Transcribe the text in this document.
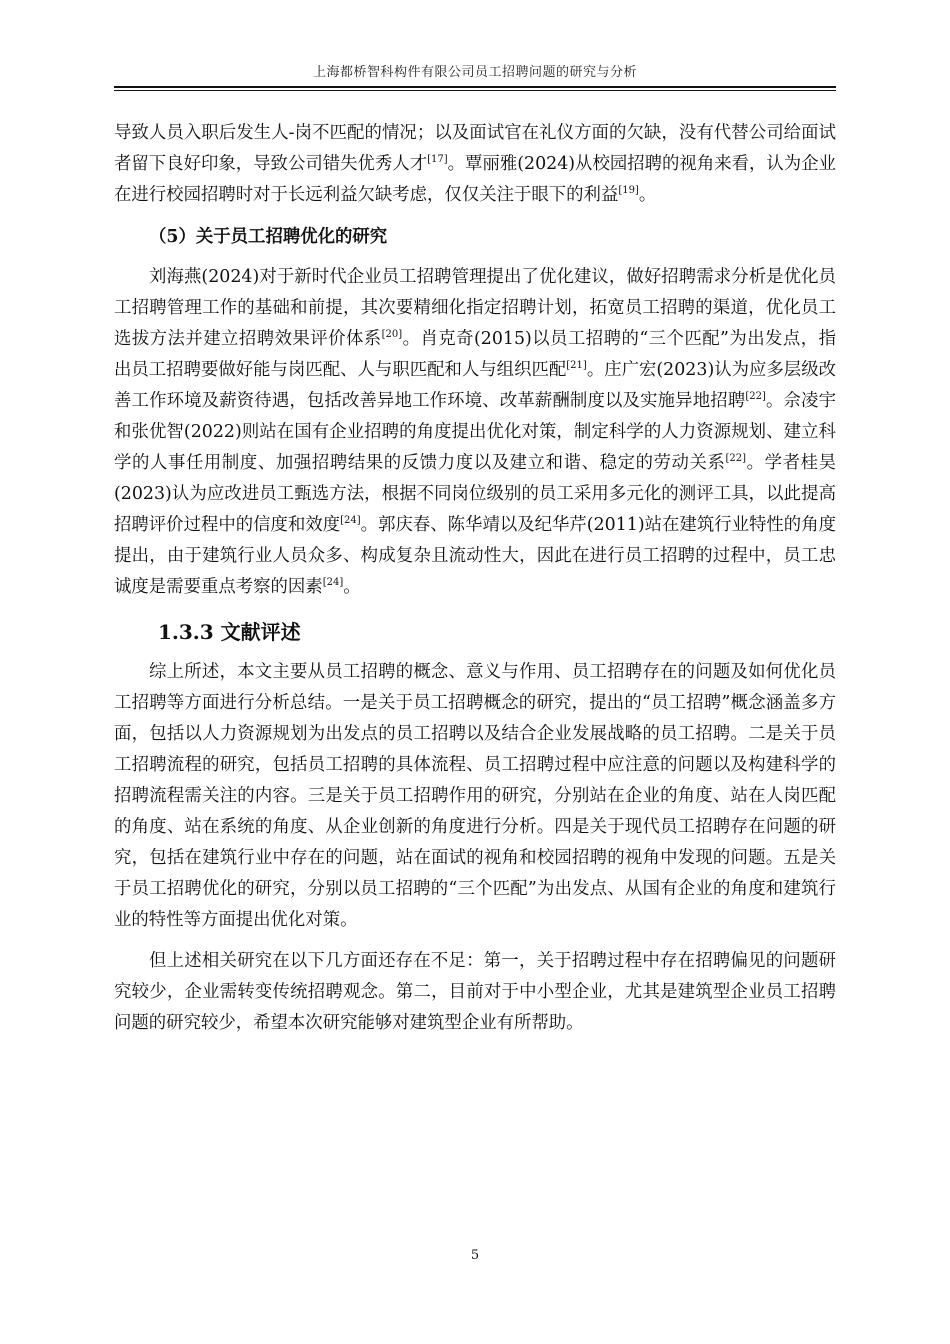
上海都桥智科构件有限公司员工招聘问题的研究与分析

导致人员入职后发生人-岗不匹配的情况；以及面试官在礼仪方面的欠缺，没有代替公司给面试者留下良好印象，导致公司错失优秀人才[17]。覃丽雅(2024)从校园招聘的视角来看，认为企业在进行校园招聘时对于长远利益欠缺考虑，仅仅关注于眼下的利益[19]。

（5）关于员工招聘优化的研究

刘海燕(2024)对于新时代企业员工招聘管理提出了优化建议，做好招聘需求分析是优化员工招聘管理工作的基础和前提，其次要精细化指定招聘计划，拓宽员工招聘的渠道，优化员工选拔方法并建立招聘效果评价体系[20]。肖克奇(2015)以员工招聘的“三个匹配”为出发点，指出员工招聘要做好能与岗匹配、人与职匹配和人与组织匹配[21]。庄广宏(2023)认为应多层级改善工作环境及薪资待遇，包括改善异地工作环境、改革薪酬制度以及实施异地招聘[22]。佘凌宇和张优智(2022)则站在国有企业招聘的角度提出优化对策，制定科学的人力资源规划、建立科学的人事任用制度、加强招聘结果的反馈力度以及建立和谐、稳定的劳动关系[22]。学者桂昊(2023)认为应改进员工甄选方法，根据不同岗位级别的员工采用多元化的测评工具，以此提高招聘评价过程中的信度和效度[24]。郭庆春、陈华靖以及纪华芹(2011)站在建筑行业特性的角度提出，由于建筑行业人员众多、构成复杂且流动性大，因此在进行员工招聘的过程中，员工忠诚度是需要重点考察的因素[24]。

1.3.3 文献评述

综上所述，本文主要从员工招聘的概念、意义与作用、员工招聘存在的问题及如何优化员工招聘等方面进行分析总结。一是关于员工招聘概念的研究，提出的“员工招聘”概念涵盖多方面，包括以人力资源规划为出发点的员工招聘以及结合企业发展战略的员工招聘。二是关于员工招聘流程的研究，包括员工招聘的具体流程、员工招聘过程中应注意的问题以及构建科学的招聘流程需关注的内容。三是关于员工招聘作用的研究，分别站在企业的角度、站在人岗匹配的角度、站在系统的角度、从企业创新的角度进行分析。四是关于现代员工招聘存在问题的研究，包括在建筑行业中存在的问题，站在面试的视角和校园招聘的视角中发现的问题。五是关于员工招聘优化的研究，分别以员工招聘的“三个匹配”为出发点、从国有企业的角度和建筑行业的特性等方面提出优化对策。

但上述相关研究在以下几方面还存在不足：第一，关于招聘过程中存在招聘偏见的问题研究较少，企业需转变传统招聘观念。第二，目前对于中小型企业，尤其是建筑型企业员工招聘问题的研究较少，希望本次研究能够对建筑型企业有所帮助。

5
